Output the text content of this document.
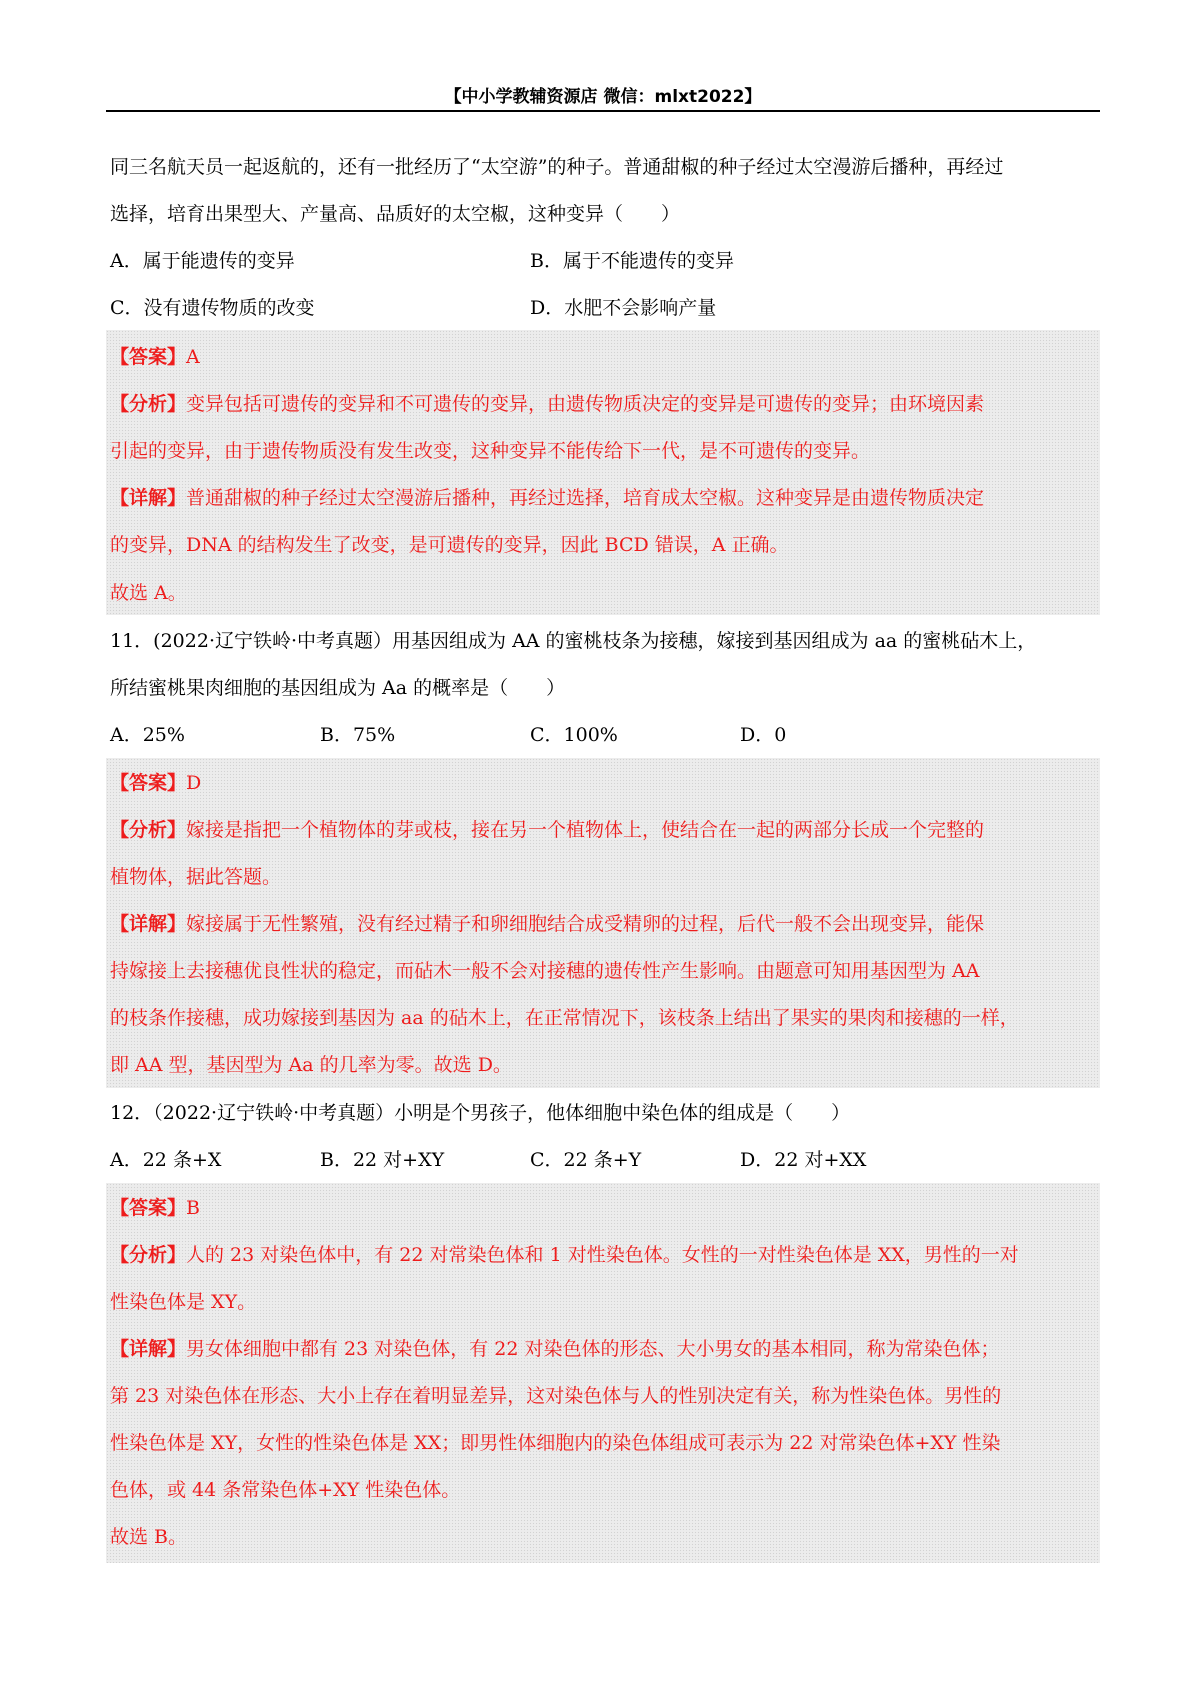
【中小学教辅资源店 微信：mlxt2022】
同三名航天员一起返航的，还有一批经历了“太空游”的种子。普通甜椒的种子经过太空漫游后播种，再经过
选择，培育出果型大、产量高、品质好的太空椒，这种变异（　　）
A．属于能遗传的变异	B．属于不能遗传的变异
C．没有遗传物质的改变	D．水肥不会影响产量
【答案】A
【分析】变异包括可遗传的变异和不可遗传的变异，由遗传物质决定的变异是可遗传的变异；由环境因素
引起的变异，由于遗传物质没有发生改变，这种变异不能传给下一代，是不可遗传的变异。
【详解】普通甜椒的种子经过太空漫游后播种，再经过选择，培育成太空椒。这种变异是由遗传物质决定
的变异，DNA 的结构发生了改变，是可遗传的变异，因此 BCD 错误，A 正确。
故选 A。
11．(2022·辽宁铁岭·中考真题）用基因组成为 AA 的蜜桃枝条为接穗，嫁接到基因组成为 aa 的蜜桃砧木上，
所结蜜桃果肉细胞的基因组成为 Aa 的概率是（　　）
A．25%	B．75%	C．100%	D．0
【答案】D
【分析】嫁接是指把一个植物体的芽或枝，接在另一个植物体上，使结合在一起的两部分长成一个完整的
植物体，据此答题。
【详解】嫁接属于无性繁殖，没有经过精子和卵细胞结合成受精卵的过程，后代一般不会出现变异，能保
持嫁接上去接穗优良性状的稳定，而砧木一般不会对接穗的遗传性产生影响。由题意可知用基因型为 AA
的枝条作接穗，成功嫁接到基因为 aa 的砧木上，在正常情况下，该枝条上结出了果实的果肉和接穗的一样，
即 AA 型，基因型为 Aa 的几率为零。故选 D。
12．（2022·辽宁铁岭·中考真题）小明是个男孩子，他体细胞中染色体的组成是（　　）
A．22 条+X	B．22 对+XY	C．22 条+Y	D．22 对+XX
【答案】B
【分析】人的 23 对染色体中，有 22 对常染色体和 1 对性染色体。女性的一对性染色体是 XX，男性的一对
性染色体是 XY。
【详解】男女体细胞中都有 23 对染色体，有 22 对染色体的形态、大小男女的基本相同，称为常染色体；
第 23 对染色体在形态、大小上存在着明显差异，这对染色体与人的性别决定有关，称为性染色体。男性的
性染色体是 XY，女性的性染色体是 XX；即男性体细胞内的染色体组成可表示为 22 对常染色体+XY 性染
色体，或 44 条常染色体+XY 性染色体。
故选 B。
